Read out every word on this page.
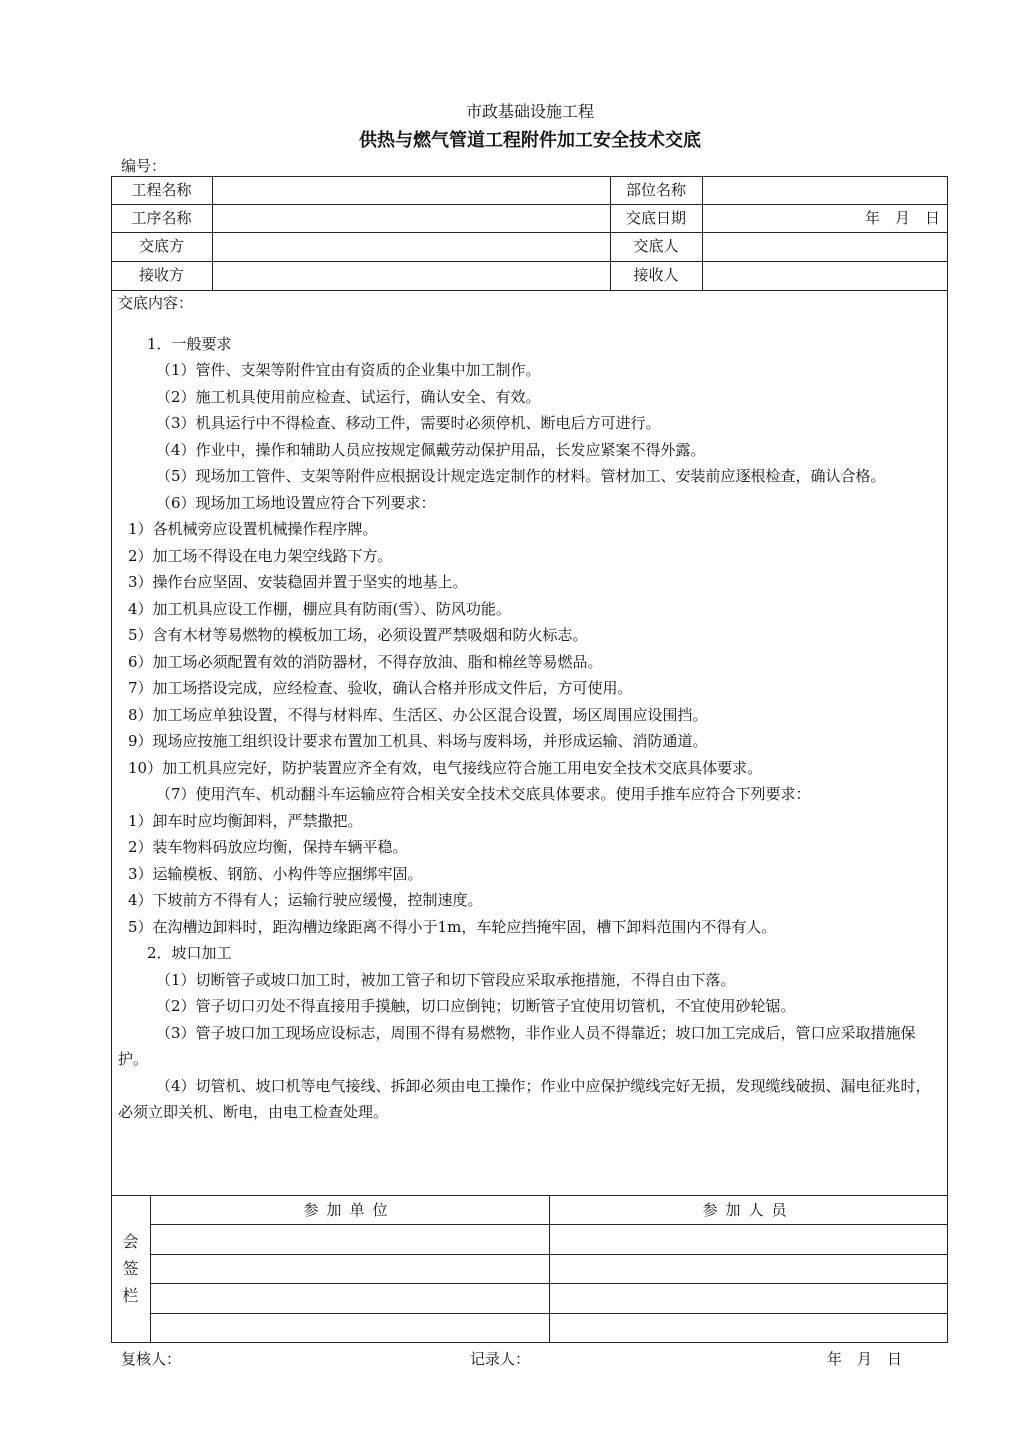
市政基础设施工程
供热与燃气管道工程附件加工安全技术交底
编号：
工程名称	部位名称
工序名称	交底日期	年　月　日
交底方	交底人
接收方	接收人

交底内容：

1．一般要求

（1）管件、支架等附件宜由有资质的企业集中加工制作。

（2）施工机具使用前应检查、试运行，确认安全、有效。

（3）机具运行中不得检查、移动工件，需要时必须停机、断电后方可进行。

（4）作业中，操作和辅助人员应按规定佩戴劳动保护用品，长发应紧案不得外露。

（5）现场加工管件、支架等附件应根据设计规定选定制作的材料。管材加工、安装前应逐根检查，确认合格。

（6）现场加工场地设置应符合下列要求：

1）各机械旁应设置机械操作程序牌。

2）加工场不得设在电力架空线路下方。

3）操作台应坚固、安装稳固并置于坚实的地基上。

4）加工机具应设工作棚，棚应具有防雨(雪）、防风功能。

5）含有木材等易燃物的模板加工场，必须设置严禁吸烟和防火标志。

6）加工场必须配置有效的消防器材，不得存放油、脂和棉丝等易燃品。

7）加工场搭设完成，应经检查、验收，确认合格并形成文件后，方可使用。

8）加工场应单独设置，不得与材料库、生活区、办公区混合设置，场区周围应设围挡。

9）现场应按施工组织设计要求布置加工机具、料场与废料场，并形成运输、消防通道。

10）加工机具应完好，防护装置应齐全有效，电气接线应符合施工用电安全技术交底具体要求。

（7）使用汽车、机动翻斗车运输应符合相关安全技术交底具体要求。使用手推车应符合下列要求：

1）卸车时应均衡卸料，严禁撒把。

2）装车物料码放应均衡，保持车辆平稳。

3）运输模板、钢筋、小构件等应捆绑牢固。

4）下坡前方不得有人；运输行驶应缓慢，控制速度。

5）在沟槽边卸料时，距沟槽边缘距离不得小于1m，车轮应挡掩牢固，槽下卸料范围内不得有人。

2．坡口加工

（1）切断管子或坡口加工时，被加工管子和切下管段应采取承拖措施，不得自由下落。

（2）管子切口刃处不得直接用手摸触，切口应倒钝；切断管子宜使用切管机，不宜使用砂轮锯。

（3）管子坡口加工现场应设标志，周围不得有易燃物，非作业人员不得靠近；坡口加工完成后，管口应采取措施保护。

（4）切管机、坡口机等电气接线、拆卸必须由电工操作；作业中应保护缆线完好无损，发现缆线破损、漏电征兆时，必须立即关机、断电，由电工检查处理。

会
签
栏
参加单位	参加人员
复核人：	记录人：	年　月　日
